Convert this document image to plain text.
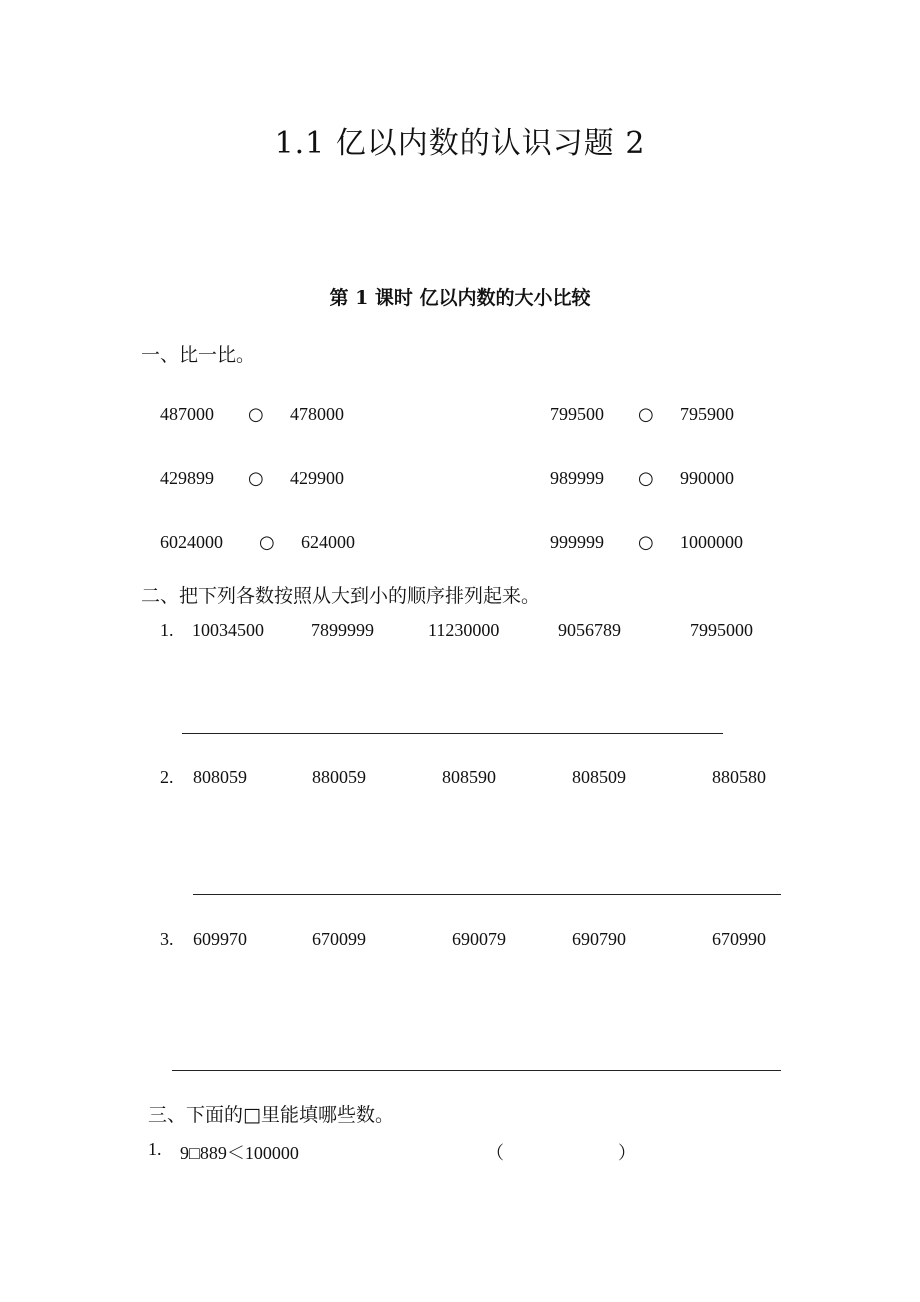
1.1 亿以内数的认识习题 2
第 1 课时 亿以内数的大小比较
一、比一比。
487000 ○ 478000	799500 ○ 795900
429899 ○ 429900	989999 ○ 990000
6024000 ○ 624000	999999 ○ 1000000
二、把下列各数按照从大到小的顺序排列起来。
1. 10034500	7899999	11230000	9056789	7995000
2. 808059	880059	808590	808509	880580
3. 609970	670099	690079	690790	670990
三、下面的□里能填哪些数。
1. 9□889＜100000	（	）
